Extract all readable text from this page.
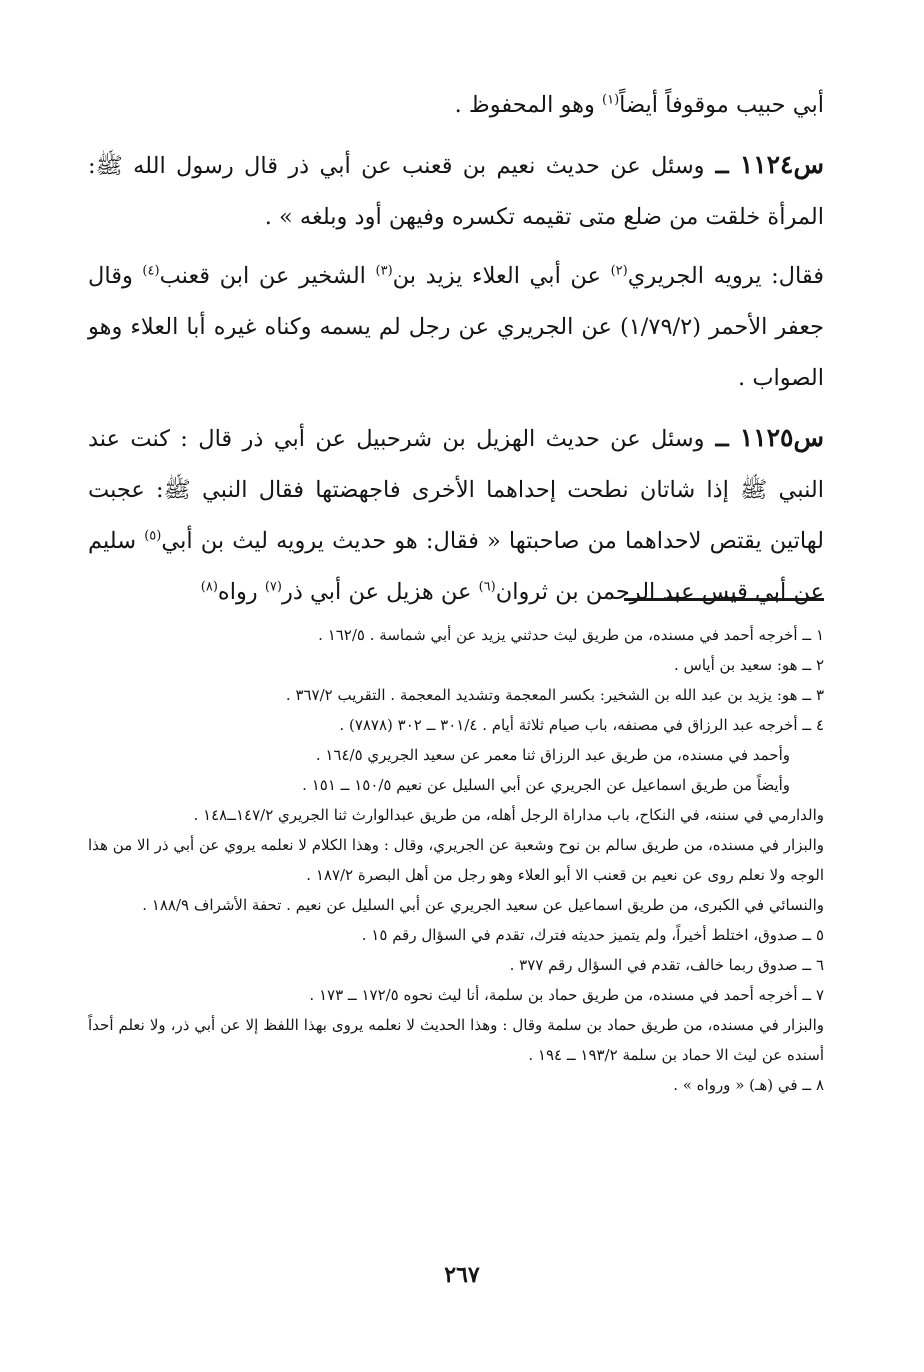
أبي حبيب موقوفاً أيضاً$^{(١)}$ وهو المحفوظ .

س١١٢٤ ــ وسئل عن حديث نعيم بن قعنب عن أبي ذر قال رسول الله ﷺ: المرأة خلقت من ضلع متى تقيمه تكسره وفيهن أود وبلغه » .

فقال: يرويه الجريري$^{(٢)}$ عن أبي العلاء يزيد بن$^{(٣)}$ الشخير عن ابن قعنب$^{(٤)}$ وقال جعفر الأحمر (١/٧٩/٢) عن الجريري عن رجل لم يسمه وكناه غيره أبا العلاء وهو الصواب .

س١١٢٥ ــ وسئل عن حديث الهزيل بن شرحبيل عن أبي ذر قال : كنت عند النبي ﷺ إذا شاتان نطحت إحداهما الأخرى فاجهضتها فقال النبي ﷺ: عجبت لهاتين يقتص لاحداهما من صاحبتها « فقال: هو حديث يرويه ليث بن أبي$^{(٥)}$ سليم عن أبي قيس عبد الرحمن بن ثروان$^{(٦)}$ عن هزيل عن أبي ذر$^{(٧)}$ رواه$^{(٨)}$

١ ــ أخرجه أحمد في مسنده، من طريق ليث حدثني يزيد عن أبي شماسة . ١٦٢/٥ .

٢ ــ هو: سعيد بن أياس .

٣ ــ هو: يزيد بن عبد الله بن الشخير: بكسر المعجمة وتشديد المعجمة . التقريب ٣٦٧/٢ .

٤ ــ أخرجه عبد الرزاق في مصنفه، باب صيام ثلاثة أيام . ٣٠١/٤ ــ ٣٠٢ (٧٨٧٨) .

وأحمد في مسنده، من طريق عبد الرزاق ثنا معمر عن سعيد الجريري ١٦٤/٥ .

وأيضاً من طريق اسماعيل عن الجريري عن أبي السليل عن نعيم ١٥٠/٥ ــ ١٥١ .

والدارمي في سننه، في النكاح، باب مداراة الرجل أهله، من طريق عبدالوارث ثنا الجريري ١٤٧/٢ــ١٤٨ .

والبزار في مسنده، من طريق سالم بن نوح وشعبة عن الجريري، وقال : وهذا الكلام لا نعلمه يروي عن أبي ذر الا من هذا الوجه ولا نعلم روى عن نعيم بن قعنب الا أبو العلاء وهو رجل من أهل البصرة ١٨٧/٢ .

والنسائي في الكبرى، من طريق اسماعيل عن سعيد الجريري عن أبي السليل عن نعيم . تحفة الأشراف ١٨٨/٩ .

٥ ــ صدوق، اختلط أخيراً، ولم يتميز حديثه فترك، تقدم في السؤال رقم ١٥ .

٦ ــ صدوق ربما خالف، تقدم في السؤال رقم ٣٧٧ .

٧ ــ أخرجه أحمد في مسنده، من طريق حماد بن سلمة، أنا ليث نحوه ١٧٢/٥ ــ ١٧٣ .

والبزار في مسنده، من طريق حماد بن سلمة وقال : وهذا الحديث لا نعلمه يروى بهذا اللفظ إلا عن أبي ذر، ولا نعلم أحداً أسنده عن ليث الا حماد بن سلمة ١٩٣/٢ ــ ١٩٤ .

٨ ــ في (هـ) « ورواه » .

٢٦٧
